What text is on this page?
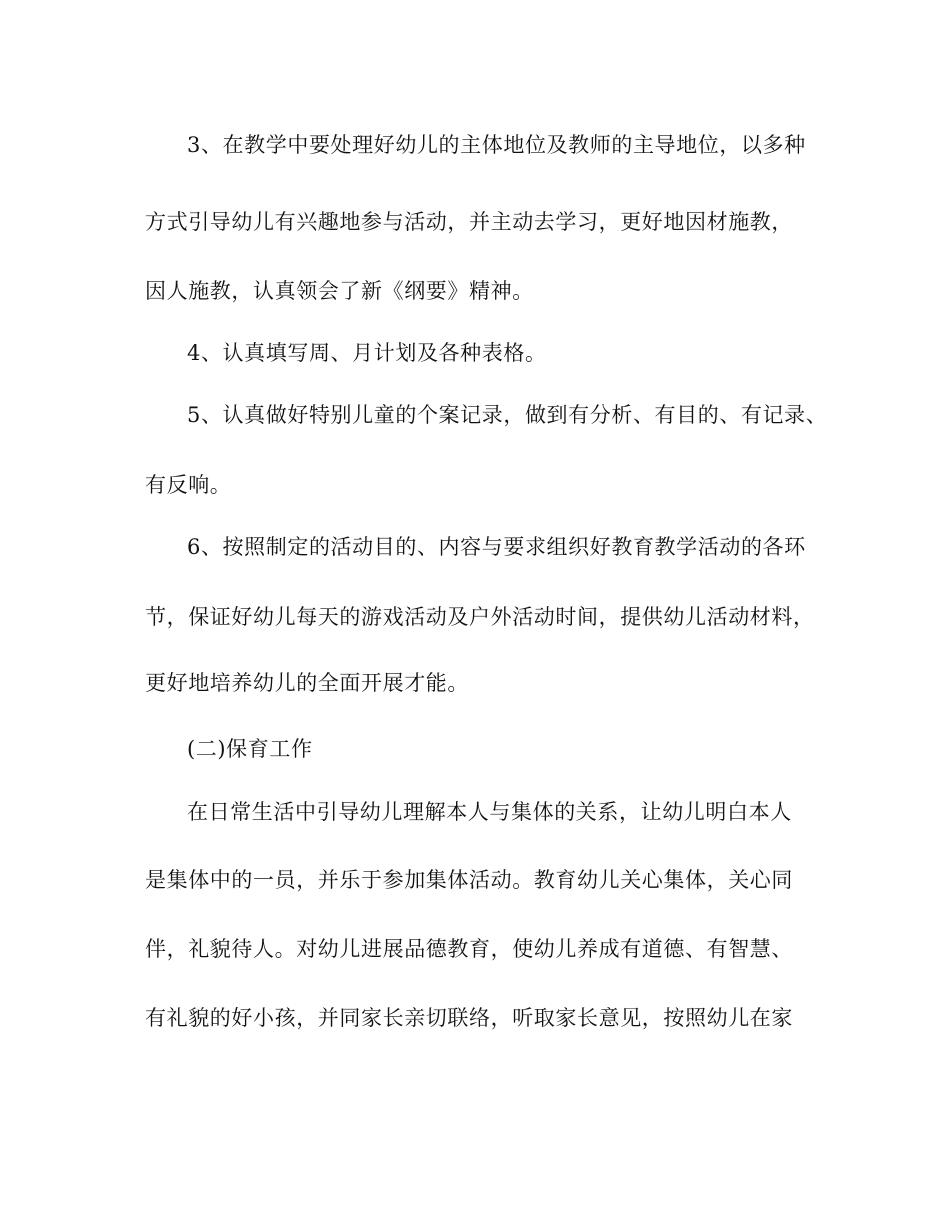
3、在教学中要处理好幼儿的主体地位及教师的主导地位，以多种
方式引导幼儿有兴趣地参与活动，并主动去学习，更好地因材施教，
因人施教，认真领会了新《纲要》精神。
4、认真填写周、月计划及各种表格。
5、认真做好特别儿童的个案记录，做到有分析、有目的、有记录、
有反响。
6、按照制定的活动目的、内容与要求组织好教育教学活动的各环
节，保证好幼儿每天的游戏活动及户外活动时间，提供幼儿活动材料，
更好地培养幼儿的全面开展才能。
(二)保育工作
在日常生活中引导幼儿理解本人与集体的关系，让幼儿明白本人
是集体中的一员，并乐于参加集体活动。教育幼儿关心集体，关心同
伴，礼貌待人。对幼儿进展品德教育，使幼儿养成有道德、有智慧、
有礼貌的好小孩，并同家长亲切联络，听取家长意见，按照幼儿在家
